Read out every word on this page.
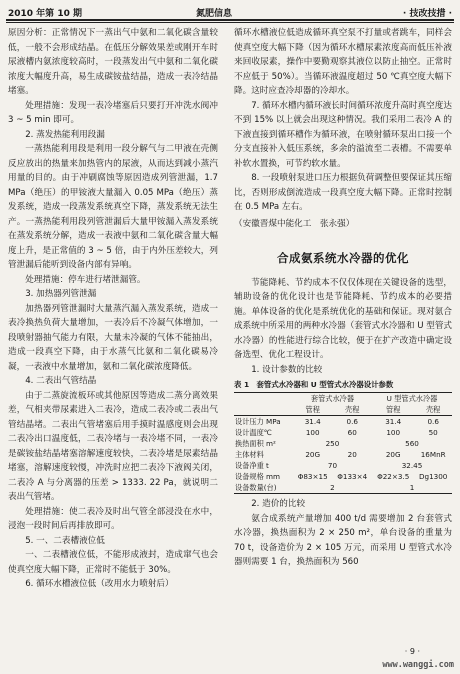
2010 年第 10 期	氮肥信息	· 技改技措 ·

原因分析：正常情况下一蒸出气中氨和二氧化碳含量较低，一般不会形成结晶。在低压分解效果差或刚开车时尿液槽内氨浓度较高时，一段蒸发出气中氨和二氧化碳浓度大幅度升高，易生成碳铵盐结晶，造成一表冷结晶堵塞。

处理措施：发现一表冷堵塞后只要打开冲洗水阀冲 3 ~ 5 min 即可。

2. 蒸发热能利用段漏

一蒸热能利用段是利用一段分解气与二甲液在壳侧反应放出的热量来加热管内的尿液，从而达到减小蒸汽用量的目的。由于冲刷腐蚀等原因造成列管泄漏，1.7 MPa（绝压）的甲铵液大量漏入 0.05 MPa（绝压）蒸发系统，造成一段蒸发系统真空下降，蒸发系统无法生产。一蒸热能利用段列管泄漏后大量甲铵漏入蒸发系统在蒸发系统分解，造成一表液中氨和二氧化碳含量大幅度上升，是正常值的 3 ~ 5 倍，由于内外压差较大，列管泄漏后能听到设备内部有异响。

处理措施：停车进行堵泄漏管。

3. 加热器列管泄漏

加热器列管泄漏时大量蒸汽漏入蒸发系统，造成一表冷换热负荷大量增加，一表冷后不冷凝气体增加，一段喷射器抽气能力有限，大量未冷凝的气体不能抽出，造成一段真空下降，由于水蒸气比氨和二氧化碳易冷凝，一表液中水量增加，氨和二氧化碳浓度降低。

4. 二表出气管结晶

由于二蒸旋流板环或其他原因等造成二蒸分离效果差，气相夹带尿素进入二表冷，造成二表冷或二表出气管结晶堵。二表出气管堵塞后用手摸时温感度则会出现二表冷出口温度低，二表冷堵与一表冷堵不同，一表冷是碳铵盐结晶堵塞溶解速度较快，二表冷堵是尿素结晶堵塞，溶解速度较慢，冲洗时应把二表冷下液阀关闭，二表冷 A 与分离器的压差 > 1333. 22 Pa，就说明二表出气管堵。

处理措施：使二表冷及时出气管全部浸没在水中，浸泡一段时间后再排放即可。

5. 一、二表槽液位低

一、二表槽液位低，不能形成液封，造成窜气也会使真空度大幅下降，正常时不能低于 30%。

6. 循环水槽液位低（改用水力喷射后）

循环水槽液位低造成循环真空泵不打量或者跳车，同样会使真空度大幅下降（因为循环水槽尿素浓度高而低压补液来回收尿素，操作中要勤观察其液位以防止抽空。正常时不应低于 50%）。当循环液温度超过 50 ℃真空度大幅下降。这时应查冷却器的冷却水。

7. 循环水槽内循环液长时间循环浓度升高时真空度达不到 15% 以上就会出现这种情况。我们采用二表冷 A 的下液直接到循环槽作为循环液，在喷射循环泵出口接一个分支直接补入低压系统，多余的溢流至二表槽。不需要单补软水置换，可节约软水量。

8. 一段喷射泵进口压力根据负荷调整但要保证其压缩比，否则形成倒流造成一段真空度大幅下降。正常时控制在 0.5 MPa 左右。

（安徽晋煤中能化工　张永强）

合成氨系统水冷器的优化

节能降耗、节约成本不仅仅体现在关键设备的选型，辅助设备的优化设计也是节能降耗、节约成本的必要措施。单体设备的优化是系统优化的基础和保证。现对氨合成系统中所采用的两种水冷器（套管式水冷器和 U 型管式水冷器）的性能进行综合比较，便于在扩产改造中确定设备选型、优化工程设计。

1. 设计参数的比较

表 1　套管式水冷器和 U 型管式水冷器设计参数
	套管式水冷器		U 型管式水冷器	
	管程	壳程	管程	壳程
设计压力 MPa	31.4	0.6	31.4	0.6
设计温度℃	100	60	100	50
换热面积 m²	250		560	
主体材料	20G	20	20G	16MnR
设备净重 t	70		32.45	
设备规格 mm	Φ83×15	Φ133×4	Φ22×3.5	Dg1300
设备数量(台)	2		1	

2. 造价的比较

氨合成系统产量增加 400 t/d 需要增加 2 台套管式水冷器，换热面积为 2 × 250 m²，单台设备的重量为 70 t，设备造价为 2 × 105 万元，而采用 U 型管式水冷器则需要 1 台，换热面积为 560

· 9 ·
www.wanggi.com
